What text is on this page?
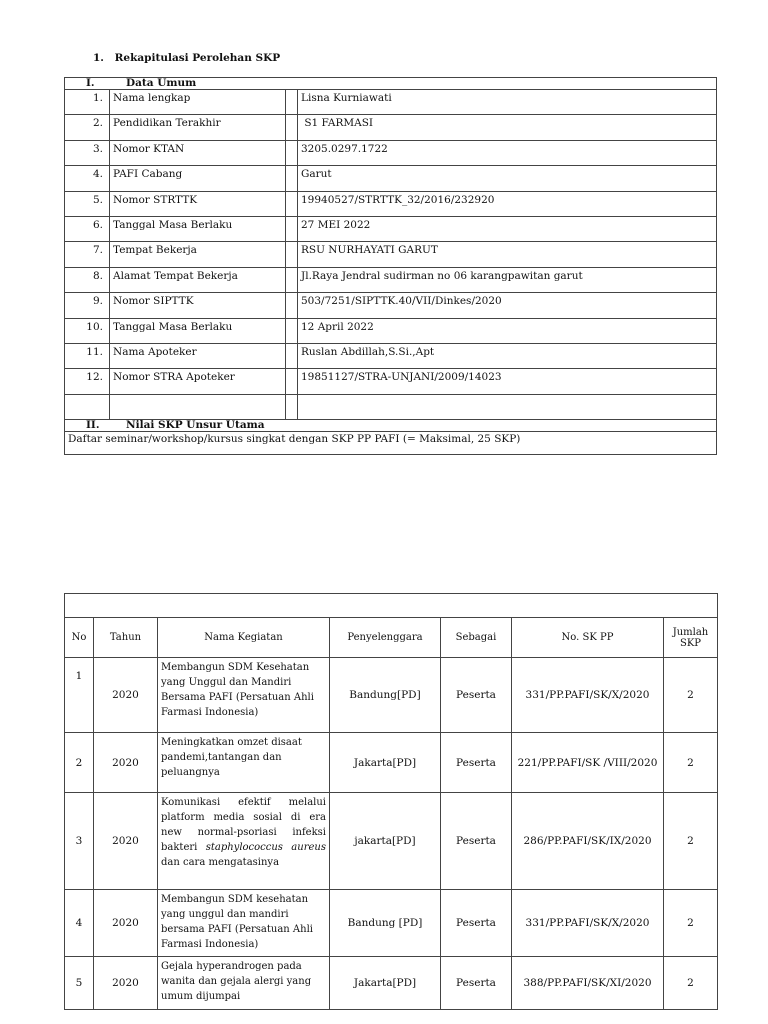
1. Rekapitulasi Perolehan SKP
I. Data Umum			
1.	Nama lengkap		Lisna Kurniawati
2.	Pendidikan Terakhir		S1 FARMASI
3.	Nomor KTAN		3205.0297.1722
4.	PAFI Cabang		Garut
5.	Nomor STRTTK		19940527/STRTTK_32/2016/232920
6.	Tanggal Masa Berlaku		27 MEI 2022
7.	Tempat Bekerja		RSU NURHAYATI GARUT
8.	Alamat Tempat Bekerja		Jl.Raya Jendral sudirman no 06 karangpawitan garut
9.	Nomor SIPTTK		503/7251/SIPTTK.40/VII/Dinkes/2020
10.	Tanggal Masa Berlaku		12 April 2022
11.	Nama Apoteker		Ruslan Abdillah,S.Si.,Apt
12.	Nomor STRA Apoteker		19851127/STRA-UNJANI/2009/14023

II. Nilai SKP Unsur Utama			
Daftar seminar/workshop/kursus singkat dengan SKP PP PAFI (= Maksimal, 25 SKP)			

No	Tahun	Nama Kegiatan	Penyelenggara	Sebagai	No. SK PP	Jumlah SKP
1	2020	Membangun SDM Kesehatan yang Unggul dan Mandiri Bersama PAFI (Persatuan Ahli Farmasi Indonesia)	Bandung[PD]	Peserta	331/PP.PAFI/SK/X/2020	2
2	2020	Meningkatkan omzet disaat pandemi,tantangan dan peluangnya	Jakarta[PD]	Peserta	221/PP.PAFI/SK /VIII/2020	2
3	2020	Komunikasi efektif melalui platform media sosial di era new normal-psoriasi infeksi bakteri staphylococcus aureus dan cara mengatasinya	jakarta[PD]	Peserta	286/PP.PAFI/SK/IX/2020	2
4	2020	Membangun SDM kesehatan yang unggul dan mandiri bersama PAFI (Persatuan Ahli Farmasi Indonesia)	Bandung [PD]	Peserta	331/PP.PAFI/SK/X/2020	2
5	2020	Gejala hyperandrogen pada wanita dan gejala alergi yang umum dijumpai	Jakarta[PD]	Peserta	388/PP.PAFI/SK/XI/2020	2
